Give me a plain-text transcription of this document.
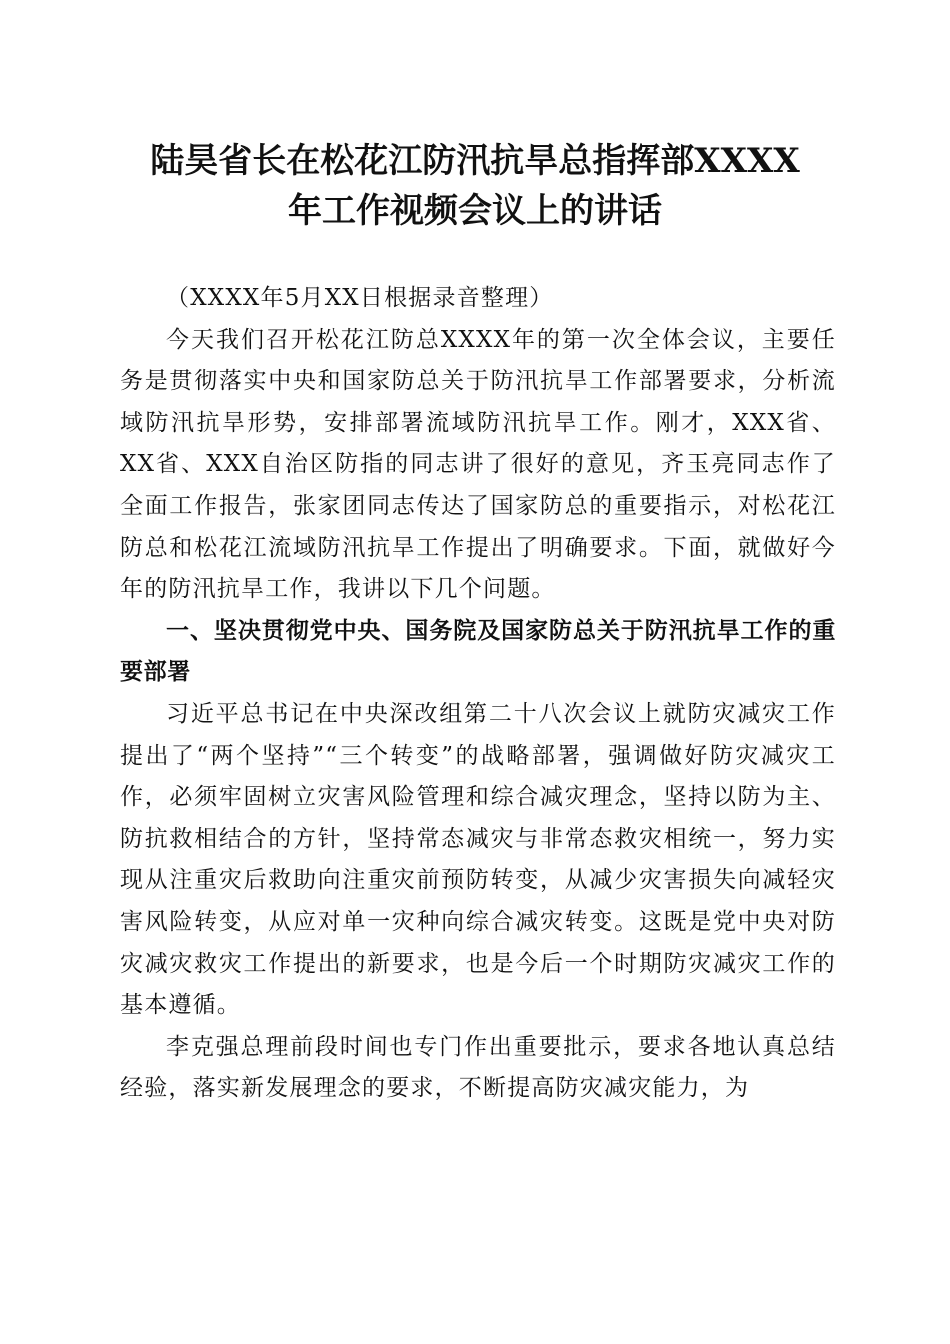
陆昊省长在松花江防汛抗旱总指挥部XXXX
年工作视频会议上的讲话

（XXXX年5月XX日根据录音整理）

今天我们召开松花江防总XXXX年的第一次全体会议，主要任务是贯彻落实中央和国家防总关于防汛抗旱工作部署要求，分析流域防汛抗旱形势，安排部署流域防汛抗旱工作。刚才，XXX省、XX省、XXX自治区防指的同志讲了很好的意见，齐玉亮同志作了全面工作报告，张家团同志传达了国家防总的重要指示，对松花江防总和松花江流域防汛抗旱工作提出了明确要求。下面，就做好今年的防汛抗旱工作，我讲以下几个问题。

一、坚决贯彻党中央、国务院及国家防总关于防汛抗旱工作的重要部署

习近平总书记在中央深改组第二十八次会议上就防灾减灾工作提出了“两个坚持”“三个转变”的战略部署，强调做好防灾减灾工作，必须牢固树立灾害风险管理和综合减灾理念，坚持以防为主、防抗救相结合的方针，坚持常态减灾与非常态救灾相统一，努力实现从注重灾后救助向注重灾前预防转变，从减少灾害损失向减轻灾害风险转变，从应对单一灾种向综合减灾转变。这既是党中央对防灾减灾救灾工作提出的新要求，也是今后一个时期防灾减灾工作的基本遵循。

李克强总理前段时间也专门作出重要批示，要求各地认真总结经验，落实新发展理念的要求，不断提高防灾减灾能力，为
